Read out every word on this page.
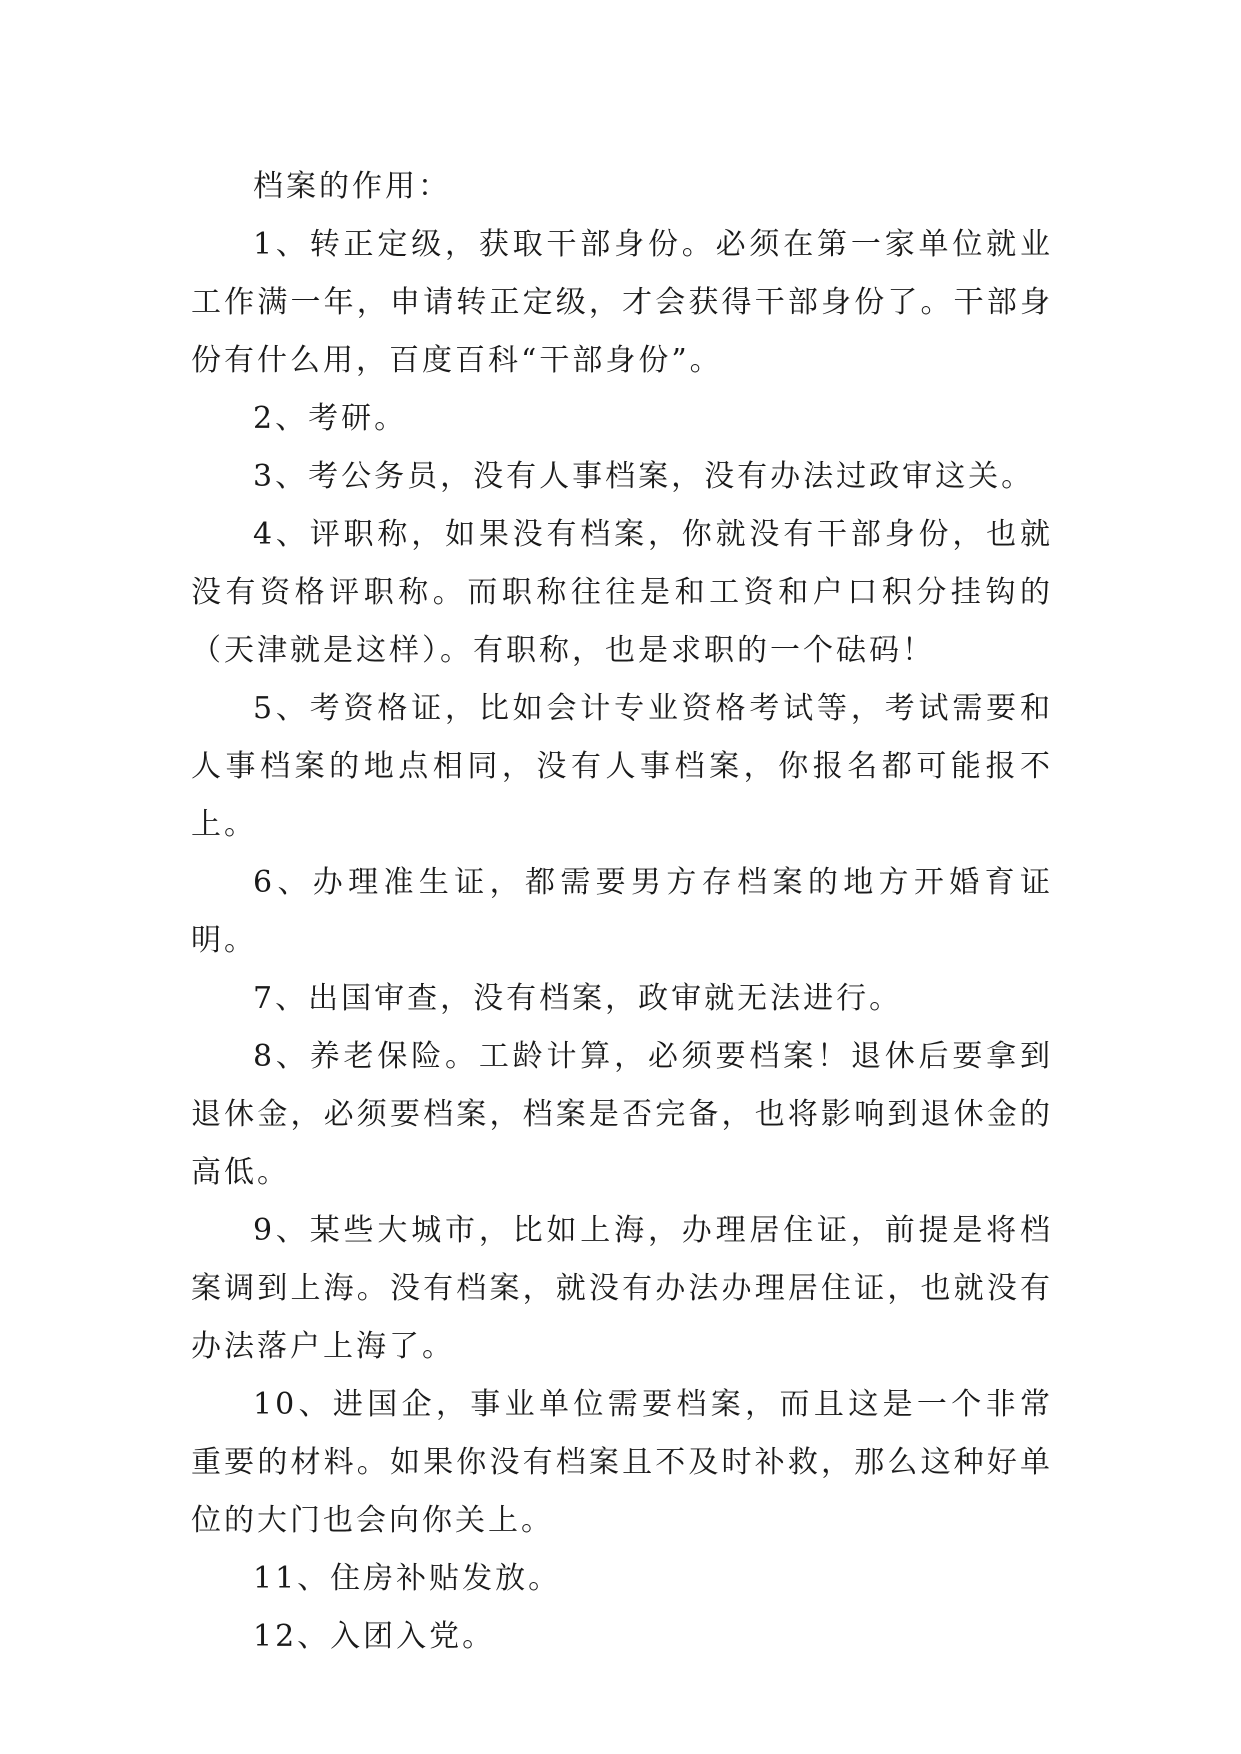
档案的作用：

1、转正定级，获取干部身份。必须在第一家单位就业工作满一年，申请转正定级，才会获得干部身份了。干部身份有什么用，百度百科“干部身份”。

2、考研。

3、考公务员，没有人事档案，没有办法过政审这关。

4、评职称，如果没有档案，你就没有干部身份，也就没有资格评职称。而职称往往是和工资和户口积分挂钩的（天津就是这样）。有职称，也是求职的一个砝码！

5、考资格证，比如会计专业资格考试等，考试需要和人事档案的地点相同，没有人事档案，你报名都可能报不上。

6、办理准生证，都需要男方存档案的地方开婚育证明。

7、出国审查，没有档案，政审就无法进行。

8、养老保险。工龄计算，必须要档案！退休后要拿到退休金，必须要档案，档案是否完备，也将影响到退休金的高低。

9、某些大城市，比如上海，办理居住证，前提是将档案调到上海。没有档案，就没有办法办理居住证，也就没有办法落户上海了。

10、进国企，事业单位需要档案，而且这是一个非常重要的材料。如果你没有档案且不及时补救，那么这种好单位的大门也会向你关上。

11、住房补贴发放。

12、入团入党。
